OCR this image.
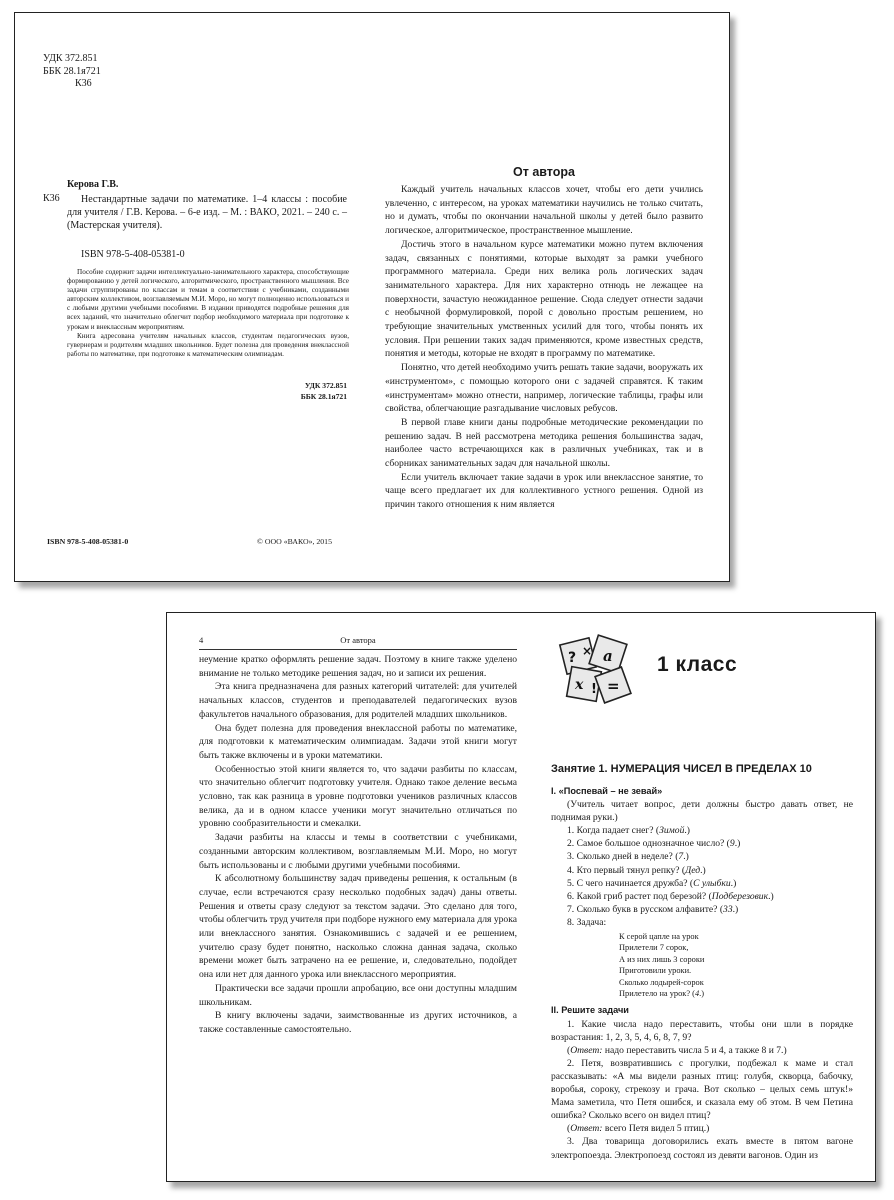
УДК 372.851
ББК 28.1я721
К36
Керова Г.В.
К36	Нестандартные задачи по математике. 1–4 классы : пособие для учителя / Г.В. Керова. – 6-е изд. – М. : ВАКО, 2021. – 240 с. – (Мастерская учителя).
ISBN 978-5-408-05381-0
Пособие содержит задачи интеллектуально-занимательного характера, способствующие формированию у детей логического, алгоритмического, пространственного мышления. Все задачи сгруппированы по классам и темам в соответствии с учебниками, созданными авторским коллективом, возглавляемым М.И. Моро, но могут полноценно использоваться и с любыми другими учебными пособиями. В издании приводятся подробные решения для всех заданий, что значительно облегчит подбор необходимого материала при подготовке к урокам и внеклассным мероприятиям.
Книга адресована учителям начальных классов, студентам педагогических вузов, гувернерам и родителям младших школьников. Будет полезна для проведения внеклассной работы по математике, при подготовке к математическим олимпиадам.
УДК 372.851
ББК 28.1я721
ISBN 978-5-408-05381-0	© ООО «ВАКО», 2015
От автора
Каждый учитель начальных классов хочет, чтобы его дети учились увлеченно, с интересом, на уроках математики научились не только считать, но и думать, чтобы по окончании начальной школы у детей было развито логическое, алгоритмическое, пространственное мышление.
Достичь этого в начальном курсе математики можно путем включения задач, связанных с понятиями, которые выходят за рамки учебного программного материала. Среди них велика роль логических задач занимательного характера. Для них характерно отнюдь не лежащее на поверхности, зачастую неожиданное решение. Сюда следует отнести задачи с необычной формулировкой, порой с довольно простым решением, но требующие значительных умственных усилий для того, чтобы понять их условия. При решении таких задач применяются, кроме известных средств, понятия и методы, которые не входят в программу по математике.
Понятно, что детей необходимо учить решать такие задачи, вооружать их «инструментом», с помощью которого они с задачей справятся. К таким «инструментам» можно отнести, например, логические таблицы, графы или свойства, облегчающие разгадывание числовых ребусов.
В первой главе книги даны подробные методические рекомендации по решению задач. В ней рассмотрена методика решения большинства задач, наиболее часто встречающихся как в различных учебниках, так и в сборниках занимательных задач для начальной школы.
Если учитель включает такие задачи в урок или внеклассное занятие, то чаще всего предлагает их для коллективного устного решения. Одной из причин такого отношения к ним является
4	От автора
неумение кратко оформлять решение задач. Поэтому в книге также уделено внимание не только методике решения задач, но и записи их решения.
Эта книга предназначена для разных категорий читателей: для учителей начальных классов, студентов и преподавателей педагогических вузов факультетов начального образования, для родителей младших школьников.
Она будет полезна для проведения внеклассной работы по математике, для подготовки к математическим олимпиадам. Задачи этой книги могут быть также включены и в уроки математики.
Особенностью этой книги является то, что задачи разбиты по классам, что значительно облегчит подготовку учителя. Однако такое деление весьма условно, так как разница в уровне подготовки учеников различных классов велика, да и в одном классе ученики могут значительно отличаться по уровню сообразительности и смекалки.
Задачи разбиты на классы и темы в соответствии с учебниками, созданными авторским коллективом, возглавляемым М.И. Моро, но могут быть использованы и с любыми другими учебными пособиями.
К абсолютному большинству задач приведены решения, к остальным (в случае, если встречаются сразу несколько подобных задач) даны ответы. Решения и ответы сразу следуют за текстом задачи. Это сделано для того, чтобы облегчить труд учителя при подборе нужного ему материала для урока или внеклассного занятия. Ознакомившись с задачей и ее решением, учителю сразу будет понятно, насколько сложна данная задача, сколько времени может быть затрачено на ее решение, и, следовательно, подойдет она или нет для данного урока или внеклассного мероприятия.
Практически все задачи прошли апробацию, все они доступны младшим школьникам.
В книгу включены задачи, заимствованные из других источников, а также составленные самостоятельно.
? × a
x ! =
1 класс
Занятие 1. НУМЕРАЦИЯ ЧИСЕЛ В ПРЕДЕЛАХ 10
I. «Поспевай – не зевай»
(Учитель читает вопрос, дети должны быстро давать ответ, не поднимая руки.)
1. Когда падает снег? (Зимой.)
2. Самое большое однозначное число? (9.)
3. Сколько дней в неделе? (7.)
4. Кто первый тянул репку? (Дед.)
5. С чего начинается дружба? (С улыбки.)
6. Какой гриб растет под березой? (Подберезовик.)
7. Сколько букв в русском алфавите? (33.)
8. Задача:
К серой цапле на урок
Прилетели 7 сорок,
А из них лишь 3 сороки
Приготовили уроки.
Сколько лодырей-сорок
Прилетело на урок? (4.)
II. Решите задачи
1. Какие числа надо переставить, чтобы они шли в порядке возрастания: 1, 2, 3, 5, 4, 6, 8, 7, 9?
(Ответ: надо переставить числа 5 и 4, а также 8 и 7.)
2. Петя, возвратившись с прогулки, подбежал к маме и стал рассказывать: «А мы видели разных птиц: голубя, скворца, бабочку, воробья, сороку, стрекозу и грача. Вот сколько – целых семь штук!» Мама заметила, что Петя ошибся, и сказала ему об этом. В чем Петина ошибка? Сколько всего он видел птиц?
(Ответ: всего Петя видел 5 птиц.)
3. Два товарища договорились ехать вместе в пятом вагоне электропоезда. Электропоезд состоял из девяти вагонов. Один из
